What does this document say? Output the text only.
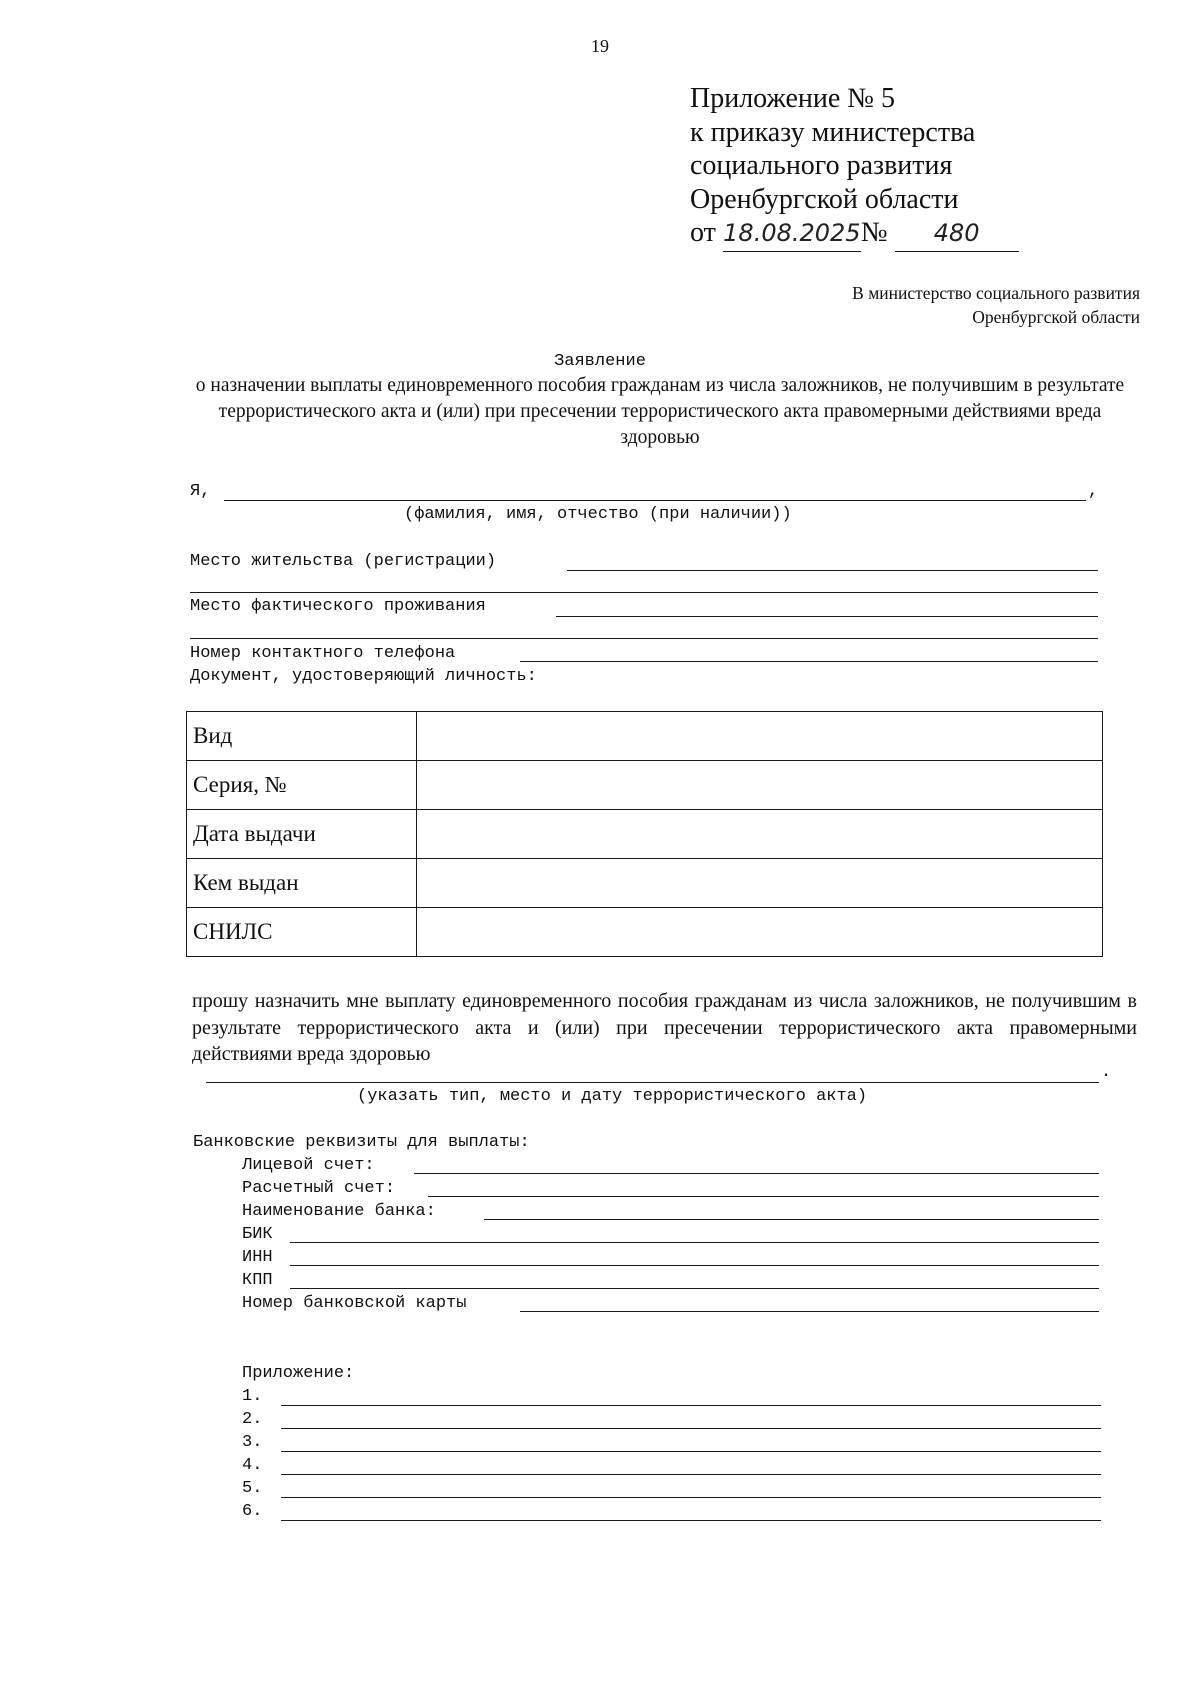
19
Приложение № 5
к приказу министерства
социального развития
Оренбургской области
от 18.08.2025№ 480
В министерство социального развития
Оренбургской области
Заявление
о назначении выплаты единовременного пособия гражданам из числа заложников, не получившим в результате террористического акта и (или) при пресечении террористического акта правомерными действиями вреда здоровью
Я,	,
(фамилия, имя, отчество (при наличии))
Место жительства (регистрации)
Место фактического проживания
Номер контактного телефона
Документ, удостоверяющий личность:
Вид	
Серия, №	
Дата выдачи	
Кем выдан	
СНИЛС	
прошу назначить мне выплату единовременного пособия гражданам из числа заложников, не получившим в результате террористического акта и (или) при пресечении террористического акта правомерными действиями вреда здоровью
.
(указать тип, место и дату террористического акта)
Банковские реквизиты для выплаты:
Лицевой счет:
Расчетный счет:
Наименование банка:
БИК
ИНН
КПП
Номер банковской карты
Приложение:
1.
2.
3.
4.
5.
6.
